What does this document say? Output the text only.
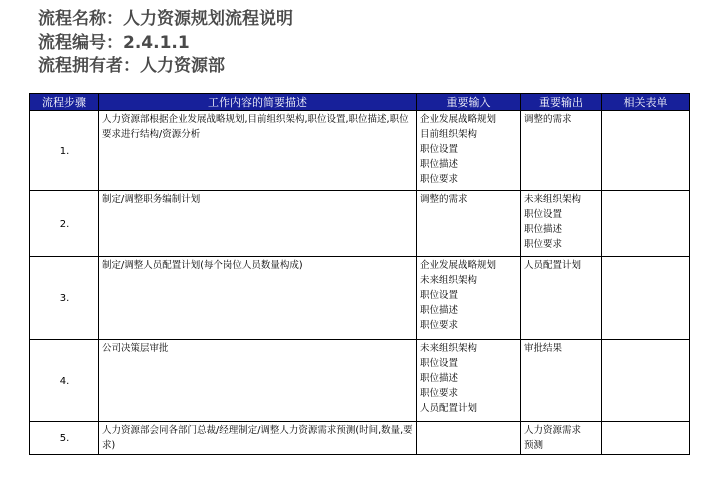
流程名称：人力资源规划流程说明
流程编号：2.4.1.1
流程拥有者：人力资源部
流程步骤	工作内容的简要描述	重要输入	重要输出	相关表单
1.	人力资源部根据企业发展战略规划,目前组织架构,职位设置,职位描述,职位要求进行结构/资源分析	企业发展战略规划
目前组织架构
职位设置
职位描述
职位要求	调整的需求	

2.	制定/调整职务编制计划	调整的需求	未来组织架构
职位设置
职位描述
职位要求	

3.	制定/调整人员配置计划(每个岗位人员数量构成)	企业发展战略规划
未来组织架构
职位设置
职位描述
职位要求	人员配置计划	

4.	公司决策层审批	未来组织架构
职位设置
职位描述
职位要求
人员配置计划	审批结果	

5.	人力资源部会同各部门总裁/经理制定/调整人力资源需求预测(时间,数量,要求)		人力资源需求
预测	
